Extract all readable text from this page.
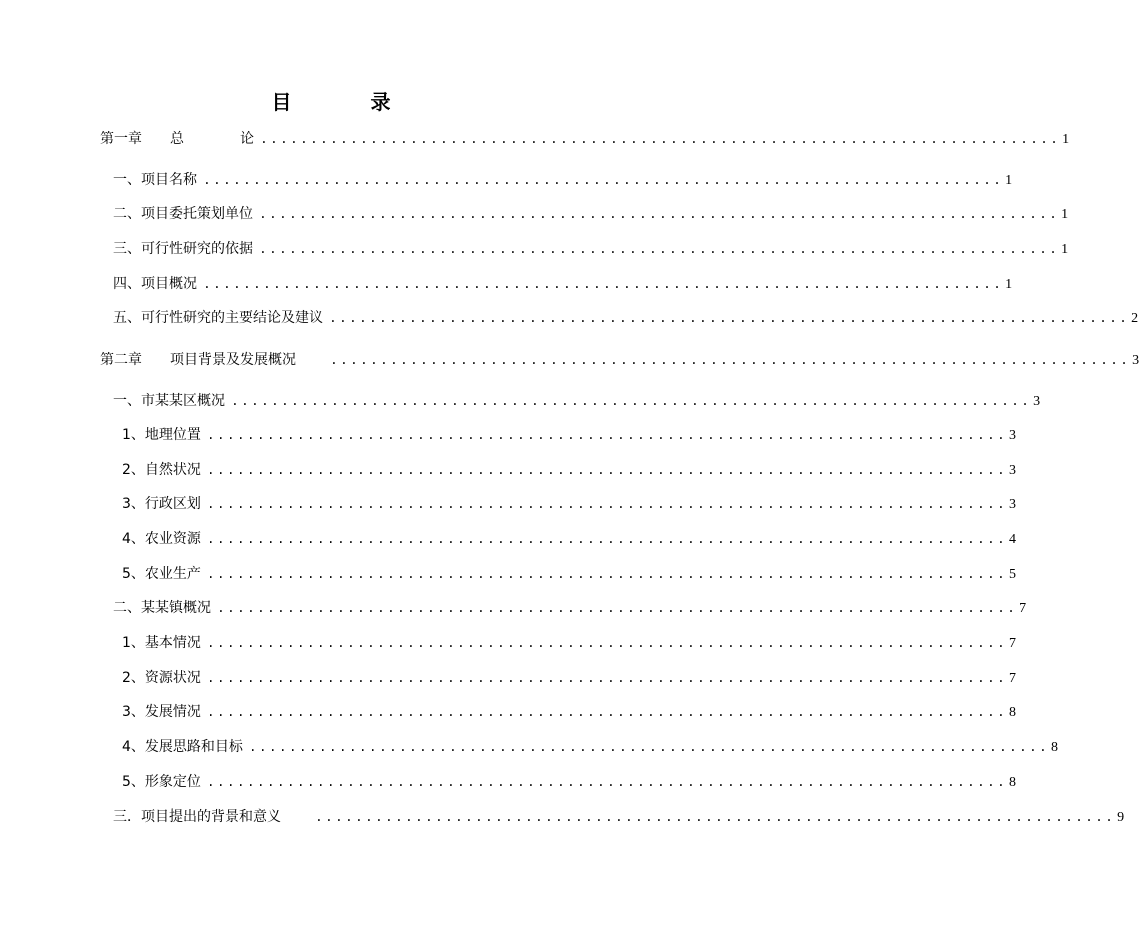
目 录
第一章 总	论 ................................................................................ 1
一、项目名称 ................................................................................ 1
二、项目委托策划单位 ................................................................................ 1
三、可行性研究的依据 ................................................................................ 1
四、项目概况 ................................................................................ 1
五、可行性研究的主要结论及建议 ................................................................................ 2
第二章 项目背景及发展概况	................................................................................ 3
一、市某某区概况 ................................................................................ 3
1、地理位置 ................................................................................ 3
2、自然状况 ................................................................................ 3
3、行政区划 ................................................................................ 3
4、农业资源 ................................................................................ 4
5、农业生产 ................................................................................ 5
二、某某镇概况 ................................................................................ 7
1、基本情况 ................................................................................ 7
2、资源状况 ................................................................................ 7
3、发展情况 ................................................................................ 8
4、发展思路和目标 ................................................................................ 8
5、形象定位 ................................................................................ 8
三．项目提出的背景和意义	................................................................................ 9
